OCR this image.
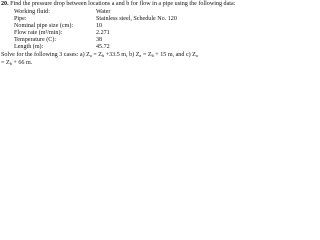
20. Find the pressure drop between locations a and b for flow in a pipe using the following data:
Working fluid:	Water
Pipe:	Stainless steel, Schedule No. 120
Nominal pipe size (cm):	10
Flow rate (m³/min):	2.271
Temperature (C):	38
Length (m):	45.72
Solve for the following 3 cases: a) $Z_a = Z_b +33.5$ m, b) $Z_a = Z_b + 15$ m, and c) $Z_a$
= $Z_b + 66$ m.
